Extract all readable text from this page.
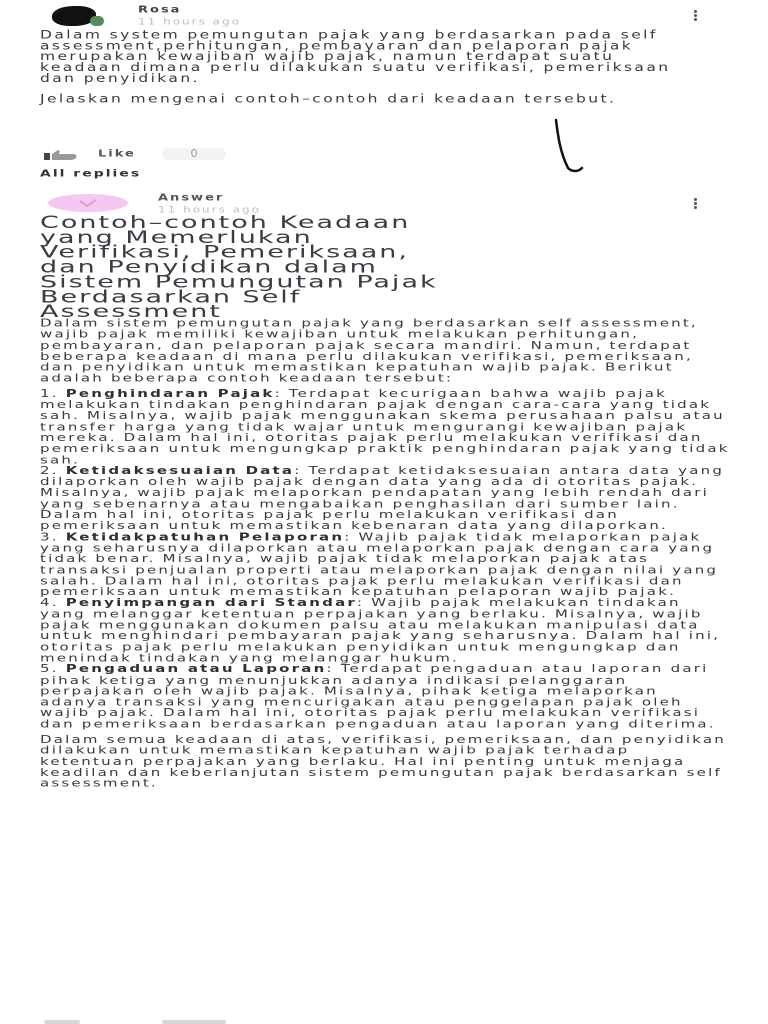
Rosa
11 hours ago

Dalam system pemungutan pajak yang berdasarkan pada self assessment,perhitungan, pembayaran dan pelaporan pajak merupakan kewajiban wajib pajak, namun terdapat suatu keadaan dimana perlu dilakukan suatu verifikasi, pemeriksaan dan penyidikan.

Jelaskan mengenai contoh–contoh dari keadaan tersebut.

Like	0
All replies
Answer
11 hours ago
Contoh–contoh Keadaan
yang Memerlukan
Verifikasi, Pemeriksaan,
dan Penyidikan dalam
Sistem Pemungutan Pajak
Berdasarkan Self
Assessment

Dalam sistem pemungutan pajak yang berdasarkan self assessment, wajib pajak memiliki kewajiban untuk melakukan perhitungan, pembayaran, dan pelaporan pajak secara mandiri. Namun, terdapat beberapa keadaan di mana perlu dilakukan verifikasi, pemeriksaan, dan penyidikan untuk memastikan kepatuhan wajib pajak. Berikut adalah beberapa contoh keadaan tersebut:

1. Penghindaran Pajak: Terdapat kecurigaan bahwa wajib pajak melakukan tindakan penghindaran pajak dengan cara-cara yang tidak sah. Misalnya, wajib pajak menggunakan skema perusahaan palsu atau transfer harga yang tidak wajar untuk mengurangi kewajiban pajak mereka. Dalam hal ini, otoritas pajak perlu melakukan verifikasi dan pemeriksaan untuk mengungkap praktik penghindaran pajak yang tidak sah.

2. Ketidaksesuaian Data: Terdapat ketidaksesuaian antara data yang dilaporkan oleh wajib pajak dengan data yang ada di otoritas pajak. Misalnya, wajib pajak melaporkan pendapatan yang lebih rendah dari yang sebenarnya atau mengabaikan penghasilan dari sumber lain. Dalam hal ini, otoritas pajak perlu melakukan verifikasi dan pemeriksaan untuk memastikan kebenaran data yang dilaporkan.

3. Ketidakpatuhan Pelaporan: Wajib pajak tidak melaporkan pajak yang seharusnya dilaporkan atau melaporkan pajak dengan cara yang tidak benar. Misalnya, wajib pajak tidak melaporkan pajak atas transaksi penjualan properti atau melaporkan pajak dengan nilai yang salah. Dalam hal ini, otoritas pajak perlu melakukan verifikasi dan pemeriksaan untuk memastikan kepatuhan pelaporan wajib pajak.

4. Penyimpangan dari Standar: Wajib pajak melakukan tindakan yang melanggar ketentuan perpajakan yang berlaku. Misalnya, wajib pajak menggunakan dokumen palsu atau melakukan manipulasi data untuk menghindari pembayaran pajak yang seharusnya. Dalam hal ini, otoritas pajak perlu melakukan penyidikan untuk mengungkap dan menindak tindakan yang melanggar hukum.

5. Pengaduan atau Laporan: Terdapat pengaduan atau laporan dari pihak ketiga yang menunjukkan adanya indikasi pelanggaran perpajakan oleh wajib pajak. Misalnya, pihak ketiga melaporkan adanya transaksi yang mencurigakan atau penggelapan pajak oleh wajib pajak. Dalam hal ini, otoritas pajak perlu melakukan verifikasi dan pemeriksaan berdasarkan pengaduan atau laporan yang diterima.

Dalam semua keadaan di atas, verifikasi, pemeriksaan, dan penyidikan dilakukan untuk memastikan kepatuhan wajib pajak terhadap ketentuan perpajakan yang berlaku. Hal ini penting untuk menjaga keadilan dan keberlanjutan sistem pemungutan pajak berdasarkan self assessment.
